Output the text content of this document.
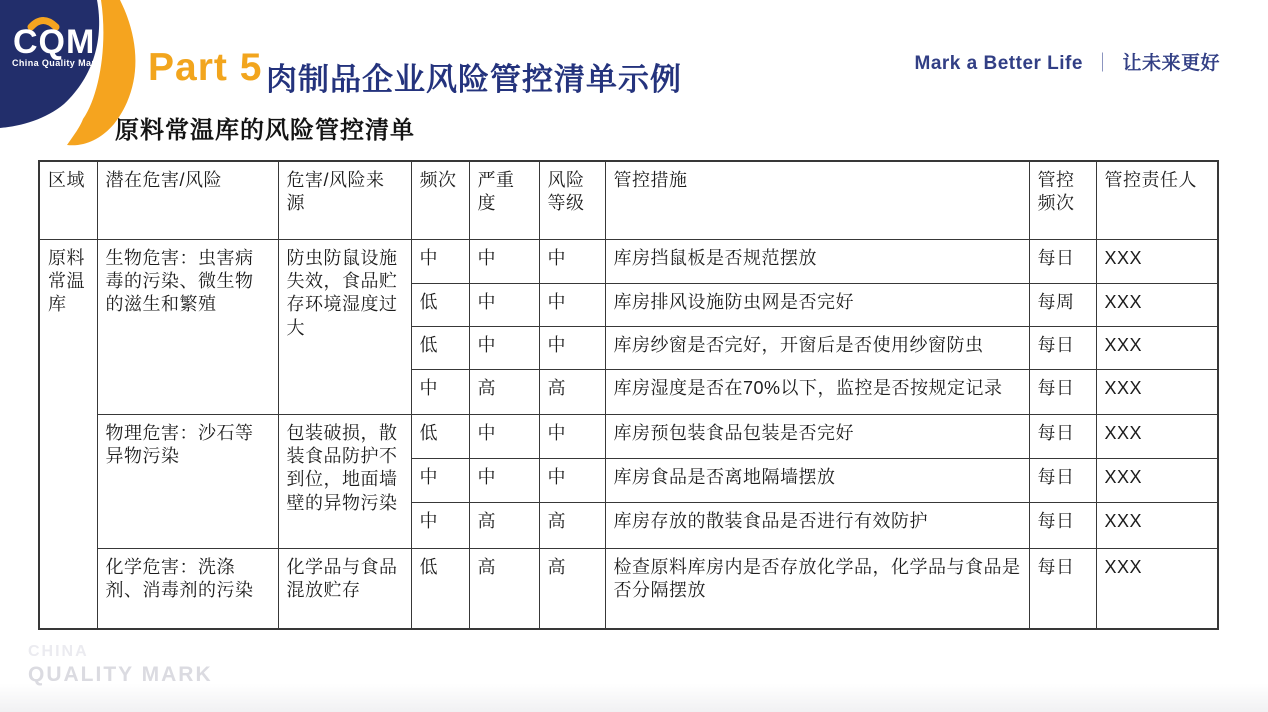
CQM
China Quality Mark Part 5 肉制品企业风险管控清单示例	Mark a Better Life ｜ 让未来更好
原料常温库的风险管控清单
区域	潜在危害/风险	危害/风险来源	频次	严重度	风险等级	管控措施	管控频次	管控责任人
原料常温库	生物危害：虫害病毒的污染、微生物的滋生和繁殖	防虫防鼠设施失效，食品贮存环境湿度过大	中	中	中	库房挡鼠板是否规范摆放	每日	XXX
			低	中	中	库房排风设施防虫网是否完好	每周	XXX
			低	中	中	库房纱窗是否完好，开窗后是否使用纱窗防虫	每日	XXX
			中	高	高	库房湿度是否在70%以下，监控是否按规定记录	每日	XXX
	物理危害：沙石等异物污染	包装破损，散装食品防护不到位，地面墙壁的异物污染	低	中	中	库房预包装食品包装是否完好	每日	XXX
			中	中	中	库房食品是否离地隔墙摆放	每日	XXX
			中	高	高	库房存放的散装食品是否进行有效防护	每日	XXX
	化学危害：洗涤剂、消毒剂的污染	化学品与食品混放贮存	低	高	高	检查原料库房内是否存放化学品，化学品与食品是否分隔摆放	每日	XXX
CHINA
QUALITY MARK
